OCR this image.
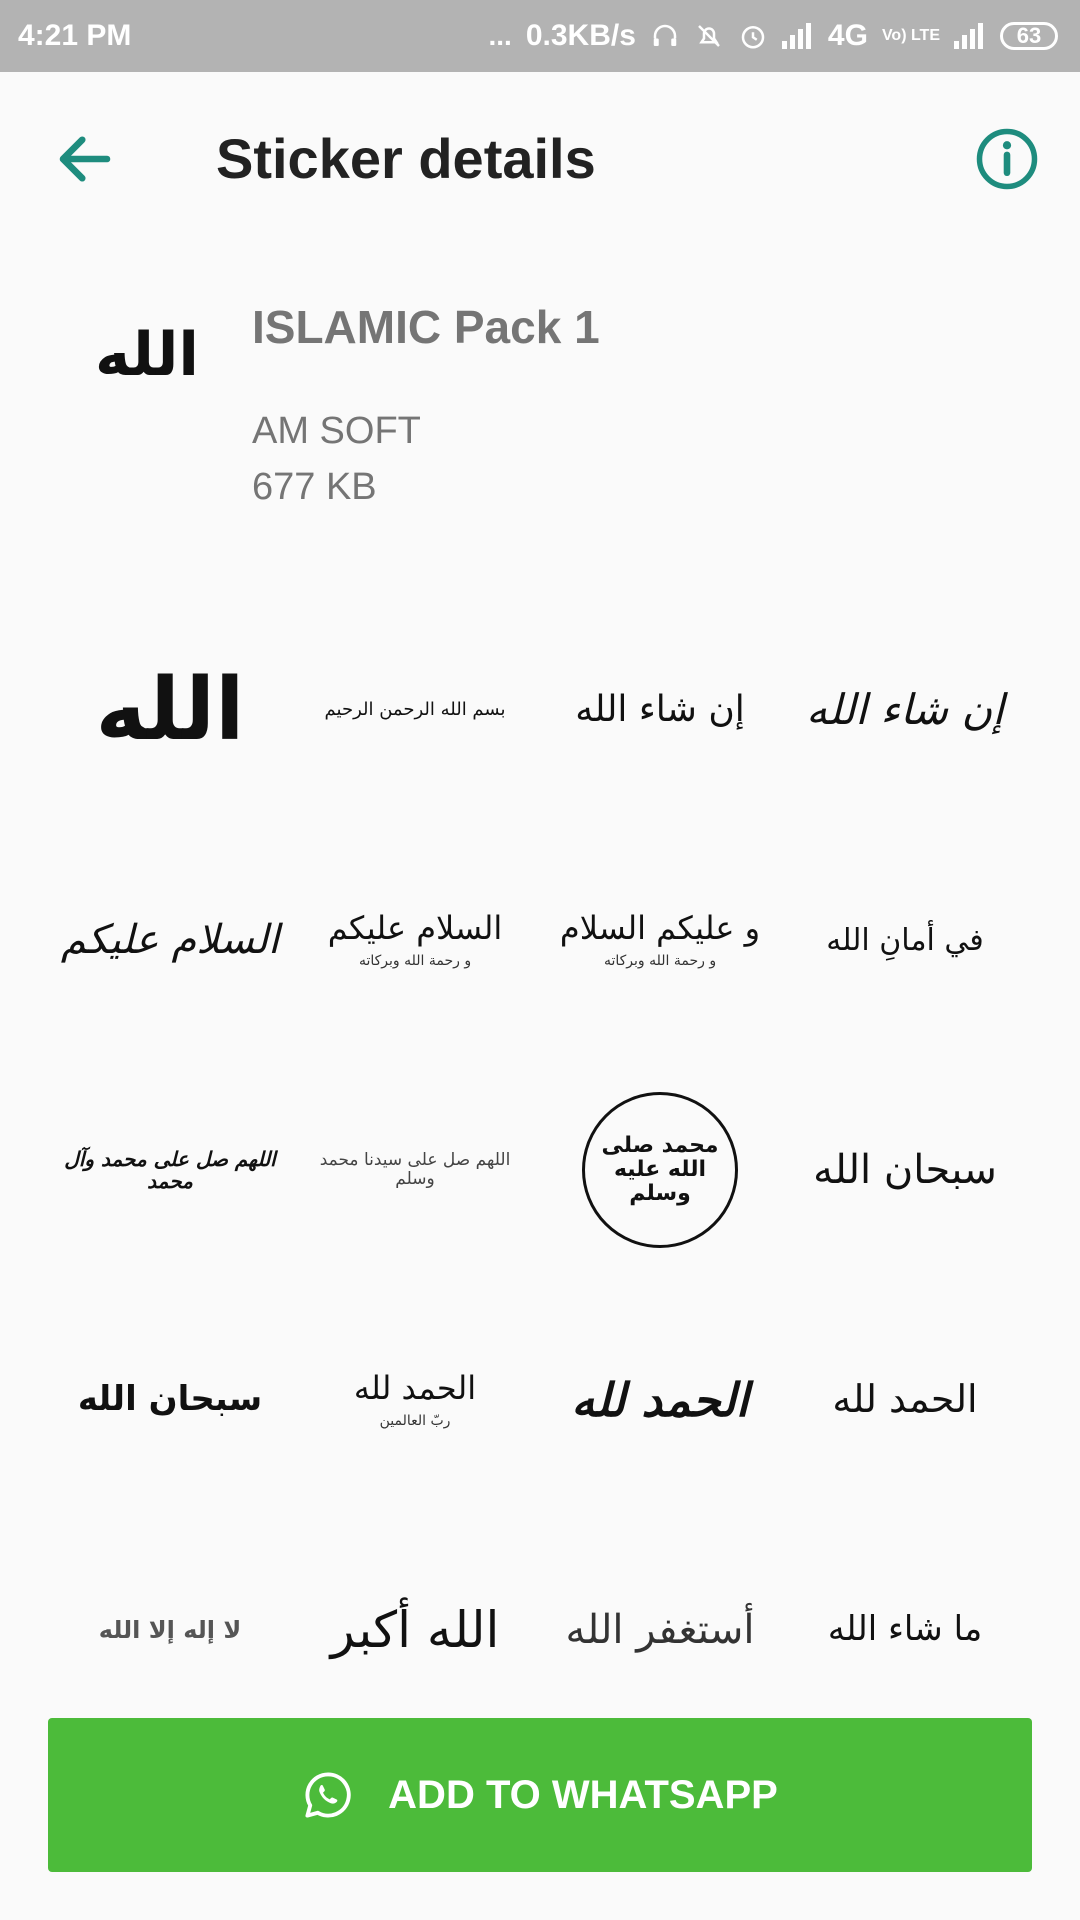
4:21 PM	... 0.3KB/s	4G Vo) LTE	63
Sticker details
الله ISLAMIC Pack 1
AM SOFT
677 KB
الله	بسم الله الرحمن الرحيم إن شاء الله إن شاء الله
السلام عليكم السلام عليكم
و رحمة الله وبركاته
و عليكم السلام
و رحمة الله وبركاته
في أمانِ الله
اللهم صل على محمد وآل محمد
اللهم صل على سيدنا محمد وسلم
محمد صلى الله عليه وسلم
سبحان الله
سبحان الله	الحمد لله
ربّ العالمين	الحمد لله الحمد لله
لا إله إلا الله الله أكبر أستغفر الله ما شاء الله
ADD TO WHATSAPP
